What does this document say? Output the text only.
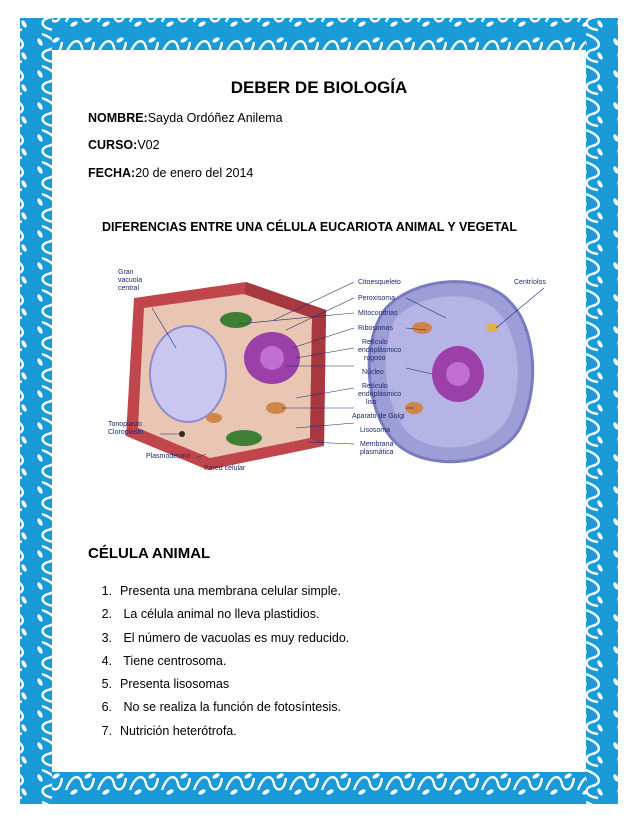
DEBER DE BIOLOGÍA
NOMBRE:Sayda Ordóñez Anilema
CURSO:V02
FECHA:20 de enero del 2014
DIFERENCIAS ENTRE UNA CÉLULA EUCARIOTA ANIMAL Y VEGETAL
Gran
vacuola
central
Citoesqueleto
Peroxisoma
Mitocondrias
Ribosomas
Retículo
endoplásmico
rugoso
Núcleo
Retículo
endoplásmico
liso
Aparato de Golgi
Lisosoma
Membrana
plasmática
Centríolos
Tonoplasto
Cloroplasto
Plasmodesmo
Pared celular
CÉLULA ANIMAL
1. Presenta una membrana celular simple.
2. La célula animal no lleva plastidios.
3. El número de vacuolas es muy reducido.
4. Tiene centrosoma.
5. Presenta lisosomas
6. No se realiza la función de fotosíntesis.
7. Nutrición heterótrofa.
